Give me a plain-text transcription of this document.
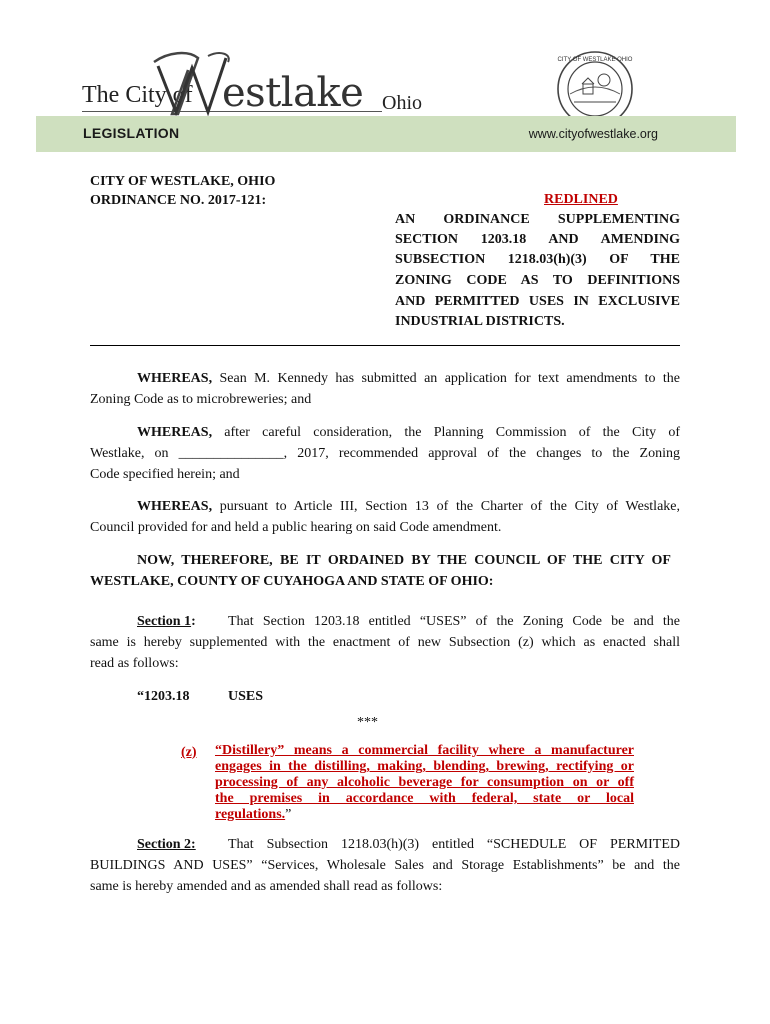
The City of estlake Ohio
CITY OF WESTLAKE OHIO
LEGISLATION	www.cityofwestlake.org
CITY OF WESTLAKE, OHIO
ORDINANCE NO. 2017-121:	REDLINED
AN ORDINANCE SUPPLEMENTING
SECTION 1203.18 AND AMENDING
SUBSECTION 1218.03(h)(3) OF THE
ZONING CODE AS TO DEFINITIONS
AND PERMITTED USES IN EXCLUSIVE
INDUSTRIAL DISTRICTS.
WHEREAS, Sean M. Kennedy has submitted an application for text amendments to the
Zoning Code as to microbreweries; and
WHEREAS, after careful consideration, the Planning Commission of the City of
Westlake, on _______________, 2017, recommended approval of the changes to the Zoning
Code specified herein; and
WHEREAS, pursuant to Article III, Section 13 of the Charter of the City of Westlake,
Council provided for and held a public hearing on said Code amendment.
NOW, THEREFORE, BE IT ORDAINED BY THE COUNCIL OF THE CITY OF
WESTLAKE, COUNTY OF CUYAHOGA AND STATE OF OHIO:
Section 1: That Section 1203.18 entitled “USES” of the Zoning Code be and the
same is hereby supplemented with the enactment of new Subsection (z) which as enacted shall
read as follows:
“1203.18	USES
***
(z) “Distillery” means a commercial facility where a manufacturer
engages in the distilling, making, blending, brewing, rectifying or
processing of any alcoholic beverage for consumption on or off
the premises in accordance with federal, state or local
regulations.”
Section 2: That Subsection 1218.03(h)(3) entitled “SCHEDULE OF PERMITED
BUILDINGS AND USES” “Services, Wholesale Sales and Storage Establishments” be and the
same is hereby amended and as amended shall read as follows:
